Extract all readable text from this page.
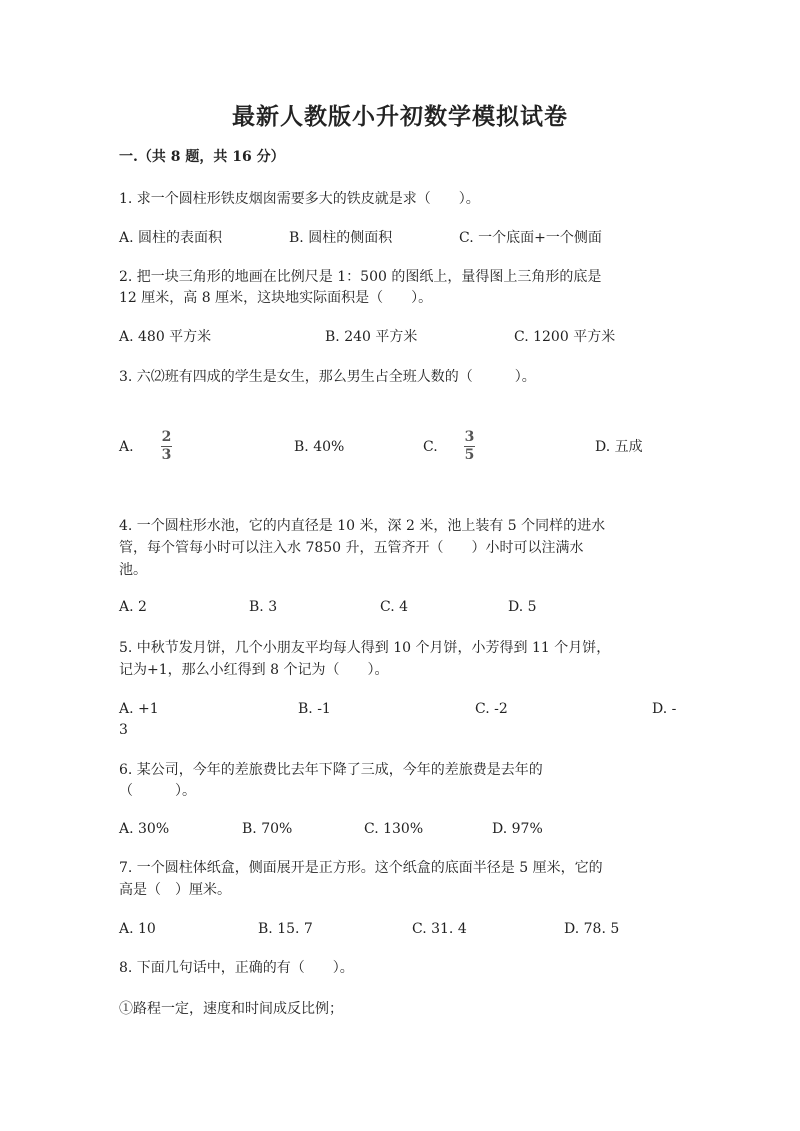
最新人教版小升初数学模拟试卷
一.（共 8 题，共 16 分）
1. 求一个圆柱形铁皮烟囱需要多大的铁皮就是求（　　）。
A. 圆柱的表面积	B. 圆柱的侧面积	C. 一个底面+一个侧面
2. 把一块三角形的地画在比例尺是 1：500 的图纸上，量得图上三角形的底是
12 厘米，高 8 厘米，这块地实际面积是（　　）。
A. 480 平方米	B. 240 平方米	C. 1200 平方米
3. 六⑵班有四成的学生是女生，那么男生占全班人数的（　　　）。
A.
2
3	B. 40%	C.
3
5	D. 五成
4. 一个圆柱形水池，它的内直径是 10 米，深 2 米，池上装有 5 个同样的进水
管，每个管每小时可以注入水 7850 升，五管齐开（　　）小时可以注满水
池。
A. 2	B. 3	C. 4	D. 5
5. 中秋节发月饼，几个小朋友平均每人得到 10 个月饼，小芳得到 11 个月饼，
记为+1，那么小红得到 8 个记为（　　）。
A. +1	B. -1	C. -2	D. -
3
6. 某公司，今年的差旅费比去年下降了三成，今年的差旅费是去年的
（　　　）。
A. 30%	B. 70%	C. 130%	D. 97%
7. 一个圆柱体纸盒，侧面展开是正方形。这个纸盒的底面半径是 5 厘米，它的
高是（　）厘米。
A. 10	B. 15. 7	C. 31. 4	D. 78. 5
8. 下面几句话中，正确的有（　　）。
①路程一定，速度和时间成反比例；
